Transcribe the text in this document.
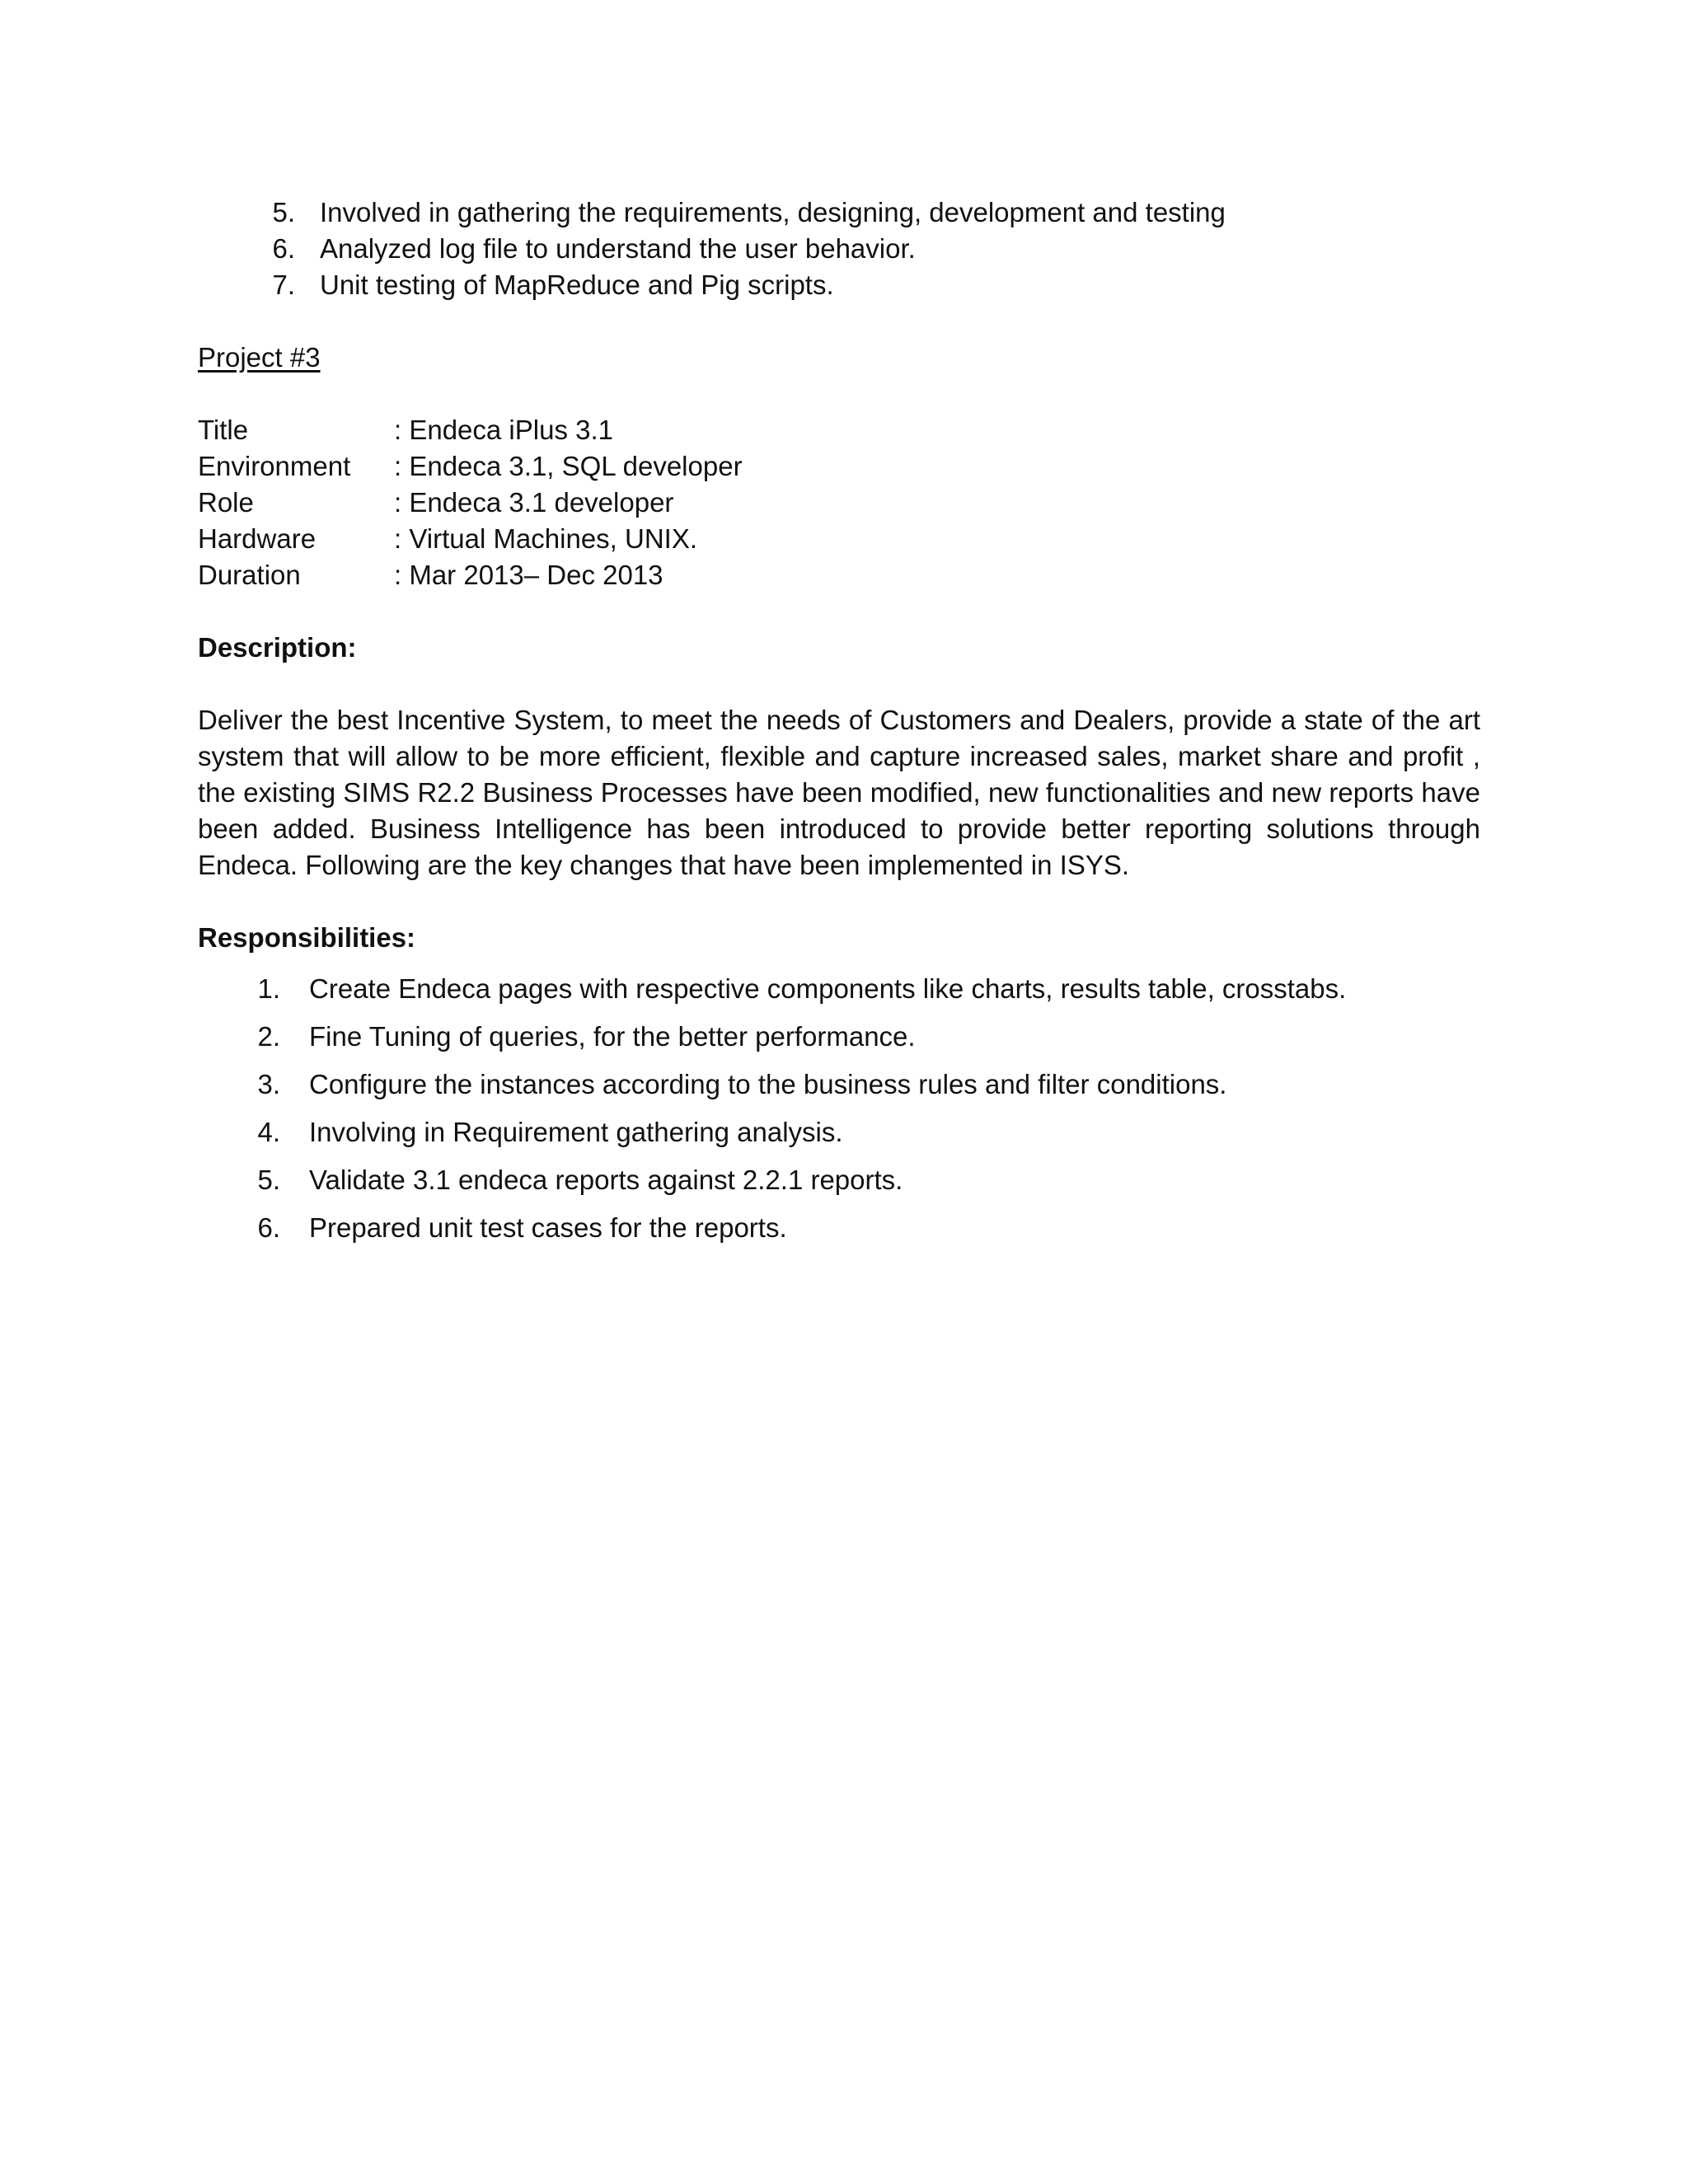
5. Involved in gathering the requirements, designing, development and testing
6. Analyzed log file to understand the user behavior.
7. Unit testing of MapReduce and Pig scripts.
Project #3
Title	: Endeca iPlus 3.1
Environment	: Endeca 3.1, SQL developer
Role	: Endeca 3.1 developer
Hardware	: Virtual Machines, UNIX.
Duration	: Mar 2013– Dec 2013
Description:
Deliver the best Incentive System, to meet the needs of Customers and Dealers, provide a state of the art system that will allow to be more efficient, flexible and capture increased sales, market share and profit , the existing SIMS R2.2 Business Processes have been modified, new functionalities and new reports have been added. Business Intelligence has been introduced to provide better reporting solutions through Endeca. Following are the key changes that have been implemented in ISYS.
Responsibilities:
1.	Create Endeca pages with respective components like charts, results table, crosstabs.
2.	Fine Tuning of queries, for the better performance.
3.	Configure the instances according to the business rules and filter conditions.
4.	Involving in Requirement gathering analysis.
5.	Validate 3.1 endeca reports against 2.2.1 reports.
6.	Prepared unit test cases for the reports.
